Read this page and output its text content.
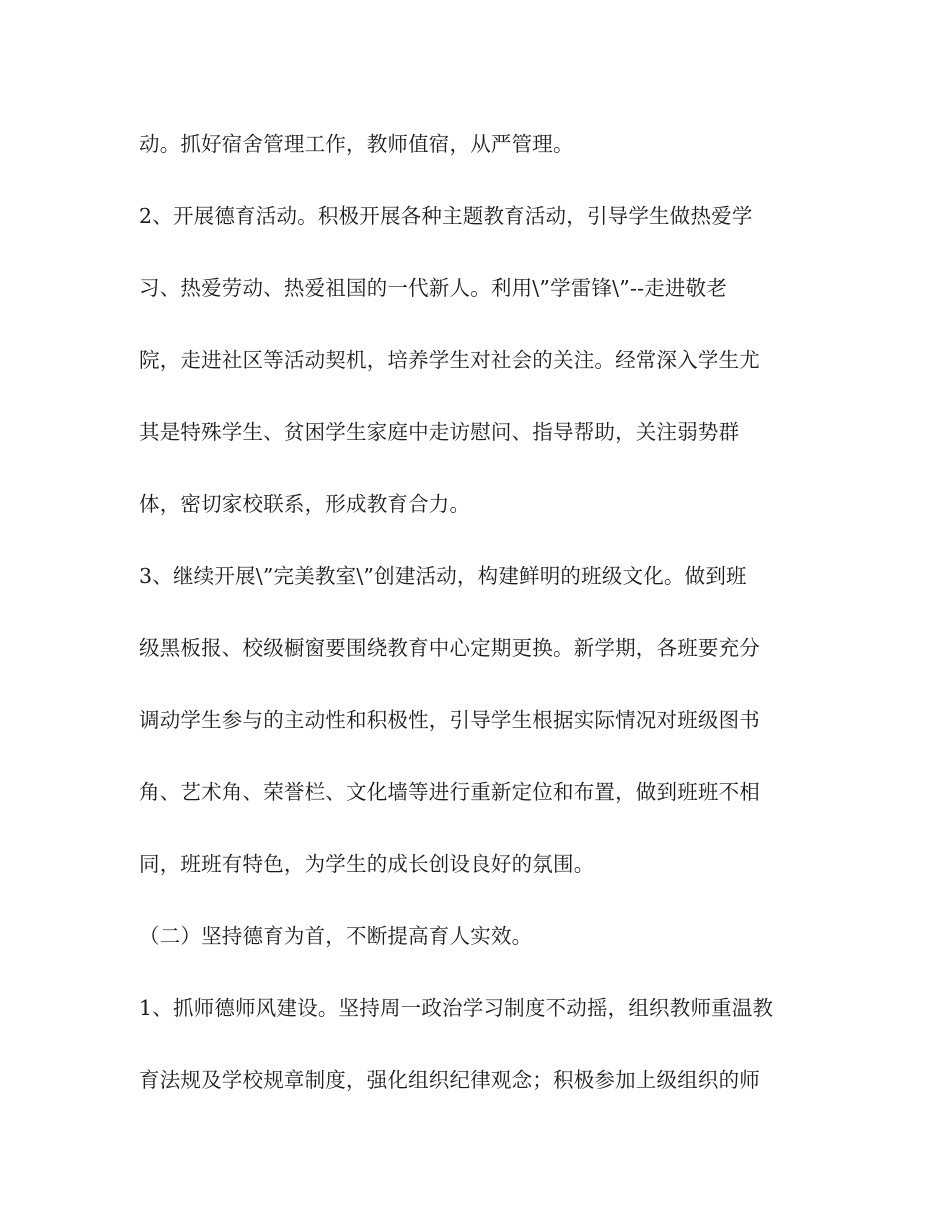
动。抓好宿舍管理工作，教师值宿，从严管理。
2、开展德育活动。积极开展各种主题教育活动，引导学生做热爱学
习、热爱劳动、热爱祖国的一代新人。利用\”学雷锋\”--走进敬老
院，走进社区等活动契机，培养学生对社会的关注。经常深入学生尤
其是特殊学生、贫困学生家庭中走访慰问、指导帮助，关注弱势群
体，密切家校联系，形成教育合力。
3、继续开展\”完美教室\”创建活动，构建鲜明的班级文化。做到班
级黑板报、校级橱窗要围绕教育中心定期更换。新学期，各班要充分
调动学生参与的主动性和积极性，引导学生根据实际情况对班级图书
角、艺术角、荣誉栏、文化墙等进行重新定位和布置，做到班班不相
同，班班有特色，为学生的成长创设良好的氛围。
（二）坚持德育为首，不断提高育人实效。
1、抓师德师风建设。坚持周一政治学习制度不动摇，组织教师重温教
育法规及学校规章制度，强化组织纪律观念；积极参加上级组织的师
